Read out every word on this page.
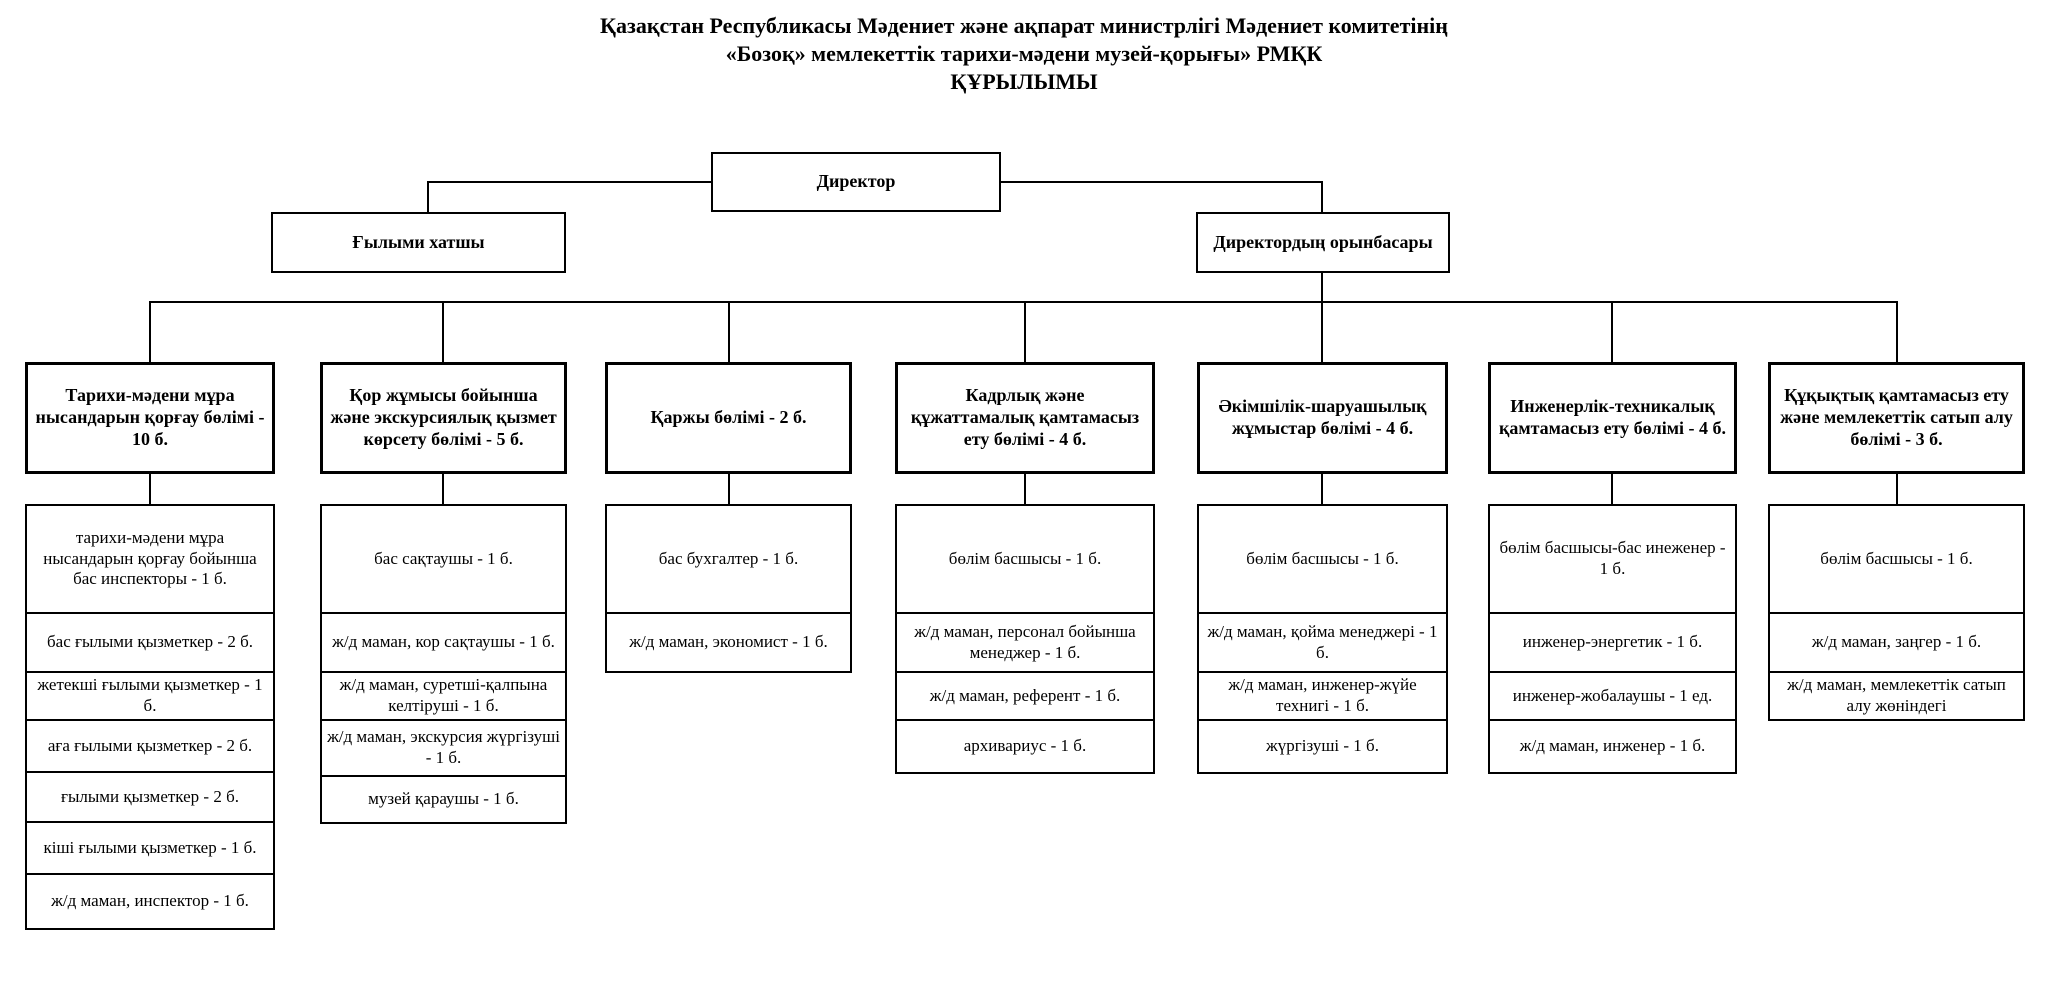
Қазақстан Республикасы Мәдениет және ақпарат министрлігі Мәдениет комитетінің
«Бозоқ» мемлекеттік тарихи-мәдени музей-қорығы» РМҚК
ҚҰРЫЛЫМЫ
Директор
Ғылыми хатшы	Директордың орынбасары
Тарихи-мәдени мұра нысандарын қорғау бөлімі - 10 б.
Қор жұмысы бойынша және экскурсиялық қызмет көрсету бөлімі - 5 б.
Қаржы бөлімі - 2 б.
Кадрлық және құжаттамалық қамтамасыз ету бөлімі - 4 б.
Әкімшілік-шаруашылық жұмыстар бөлімі - 4 б.
Инженерлік-техникалық қамтамасыз ету бөлімі - 4 б.
Құқықтық қамтамасыз ету және мемлекеттік сатып алу бөлімі - 3 б.
тарихи-мәдени мұра нысандарын қорғау бойынша бас инспекторы - 1 б.
бас ғылыми қызметкер - 2 б.
жетекші ғылыми қызметкер - 1 б.
аға ғылыми қызметкер - 2 б.
ғылыми қызметкер - 2 б.
кіші ғылыми қызметкер - 1 б.
ж/д маман, инспектор - 1 б.
бас сақтаушы - 1 б.
ж/д маман, кор сақтаушы - 1 б.
ж/д маман, суретші-қалпына келтіруші - 1 б.
ж/д маман, экскурсия жүргізуші - 1 б.
музей қараушы - 1 б.
бас бухгалтер - 1 б.
ж/д маман, экономист - 1 б.
бөлім басшысы - 1 б.
ж/д маман, персонал бойынша менеджер - 1 б.
ж/д маман, референт - 1 б.
архивариус - 1 б.
бөлім басшысы - 1 б.
ж/д маман, қойма менеджері - 1 б.
ж/д маман, инженер-жүйе технигі - 1 б.
жүргізуші - 1 б.
бөлім басшысы-бас инеженер - 1 б.
инженер-энергетик - 1 б.
инженер-жобалаушы - 1 ед.
ж/д маман, инженер - 1 б.
бөлім басшысы - 1 б.
ж/д маман, заңгер - 1 б.
ж/д маман, мемлекеттік сатып алу жөніндегі
